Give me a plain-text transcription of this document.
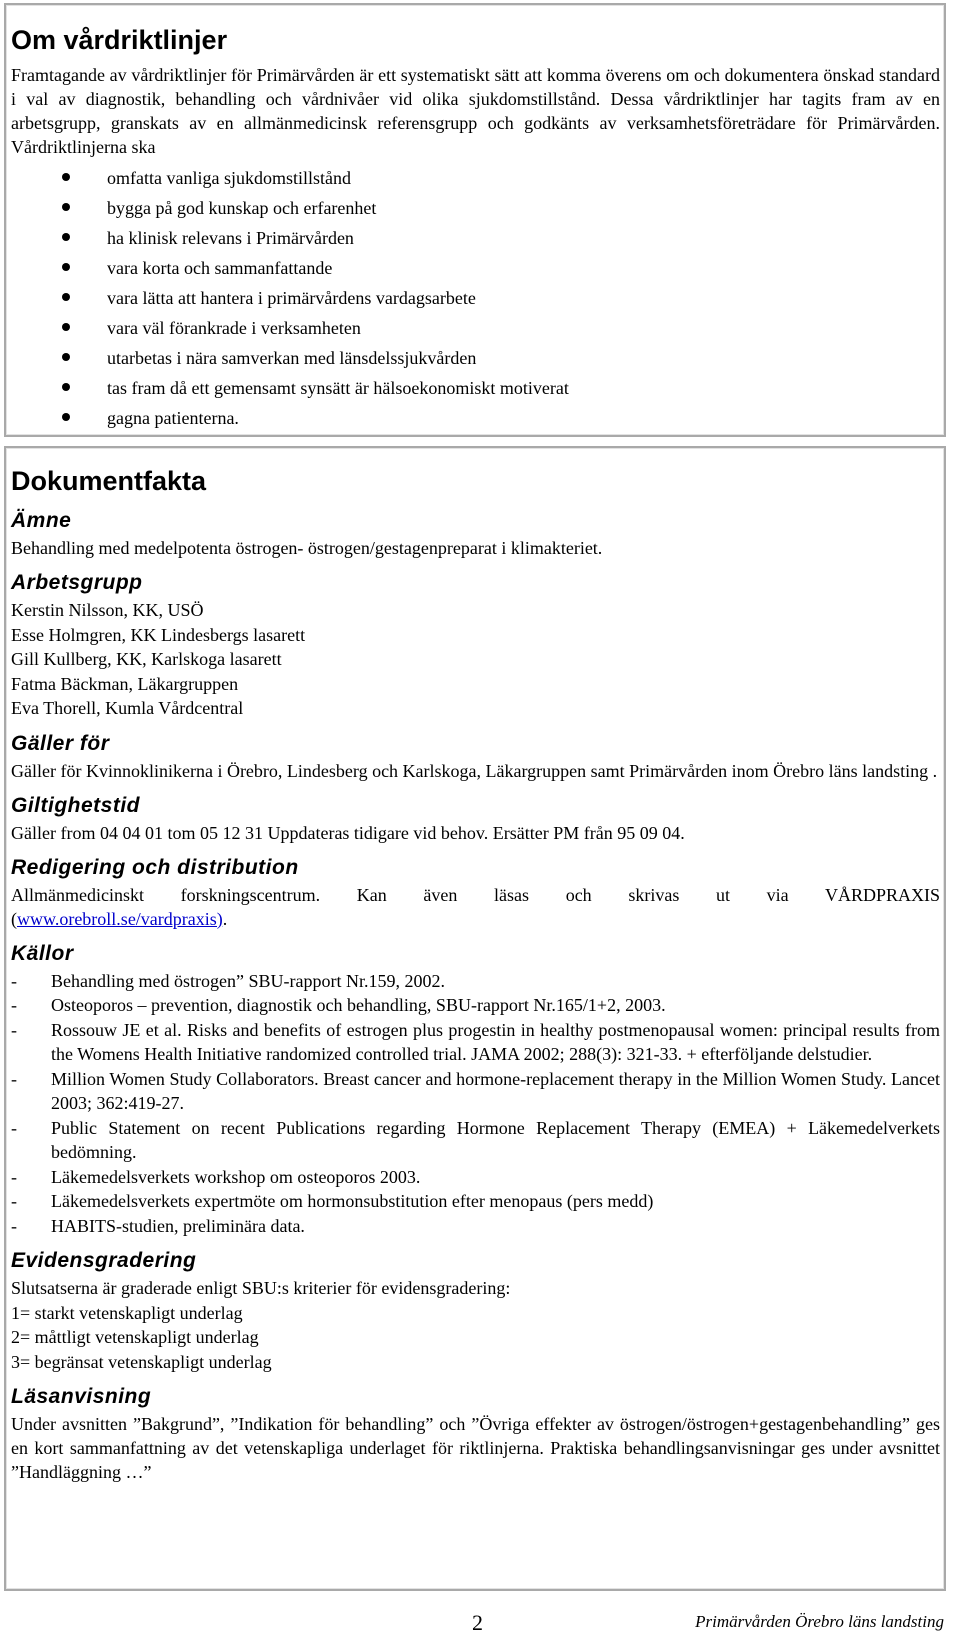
Om vårdriktlinjer

Framtagande av vårdriktlinjer för Primärvården är ett systematiskt sätt att komma överens om och dokumentera önskad standard i val av diagnostik, behandling och vårdnivåer vid olika sjukdomstillstånd. Dessa vårdriktlinjer har tagits fram av en arbetsgrupp, granskats av en allmänmedicinsk referensgrupp och godkänts av verksamhetsföreträdare för Primärvården. Vårdriktlinjerna ska

omfatta vanliga sjukdomstillstånd
bygga på god kunskap och erfarenhet
ha klinisk relevans i Primärvården
vara korta och sammanfattande
vara lätta att hantera i primärvårdens vardagsarbete
vara väl förankrade i verksamheten
utarbetas i nära samverkan med länsdelssjukvården
tas fram då ett gemensamt synsätt är hälsoekonomiskt motiverat
gagna patienterna.
Dokumentfakta
Ämne

Behandling med medelpotenta östrogen- östrogen/gestagenpreparat i klimakteriet.

Arbetsgrupp
Kerstin Nilsson, KK, USÖ
Esse Holmgren, KK Lindesbergs lasarett
Gill Kullberg, KK, Karlskoga lasarett
Fatma Bäckman, Läkargruppen
Eva Thorell, Kumla Vårdcentral
Gäller för

Gäller för Kvinnoklinikerna i Örebro, Lindesberg och Karlskoga, Läkargruppen samt Primärvården inom Örebro läns landsting .

Giltighetstid

Gäller from 04 04 01 tom 05 12 31 Uppdateras tidigare vid behov. Ersätter PM från 95 09 04.

Redigering och distribution

Allmänmedicinskt forskningscentrum. Kan även läsas och skrivas ut via VÅRDPRAXIS

(www.orebroll.se/vardpraxis).

Källor
- Behandling med östrogen” SBU-rapport Nr.159, 2002.
- Osteoporos – prevention, diagnostik och behandling, SBU-rapport Nr.165/1+2, 2003.
- Rossouw JE et al. Risks and benefits of estrogen plus progestin in healthy postmenopausal women: principal results from the Womens Health Initiative randomized controlled trial. JAMA 2002; 288(3): 321-33. + efterföljande delstudier.
- Million Women Study Collaborators. Breast cancer and hormone-replacement therapy in the Million Women Study. Lancet 2003; 362:419-27.
- Public Statement on recent Publications regarding Hormone Replacement Therapy (EMEA) + Läkemedelverkets bedömning.
- Läkemedelsverkets workshop om osteoporos 2003.
- Läkemedelsverkets expertmöte om hormonsubstitution efter menopaus (pers medd)
- HABITS-studien, preliminära data.
Evidensgradering
Slutsatserna är graderade enligt SBU:s kriterier för evidensgradering:
1= starkt vetenskapligt underlag
2= måttligt vetenskapligt underlag
3= begränsat vetenskapligt underlag
Läsanvisning

Under avsnitten ”Bakgrund”, ”Indikation för behandling” och ”Övriga effekter av östrogen/östrogen+gestagenbehandling” ges en kort sammanfattning av det vetenskapliga underlaget för riktlinjerna. Praktiska behandlingsanvisningar ges under avsnittet ”Handläggning …”

2	Primärvården Örebro läns landsting
